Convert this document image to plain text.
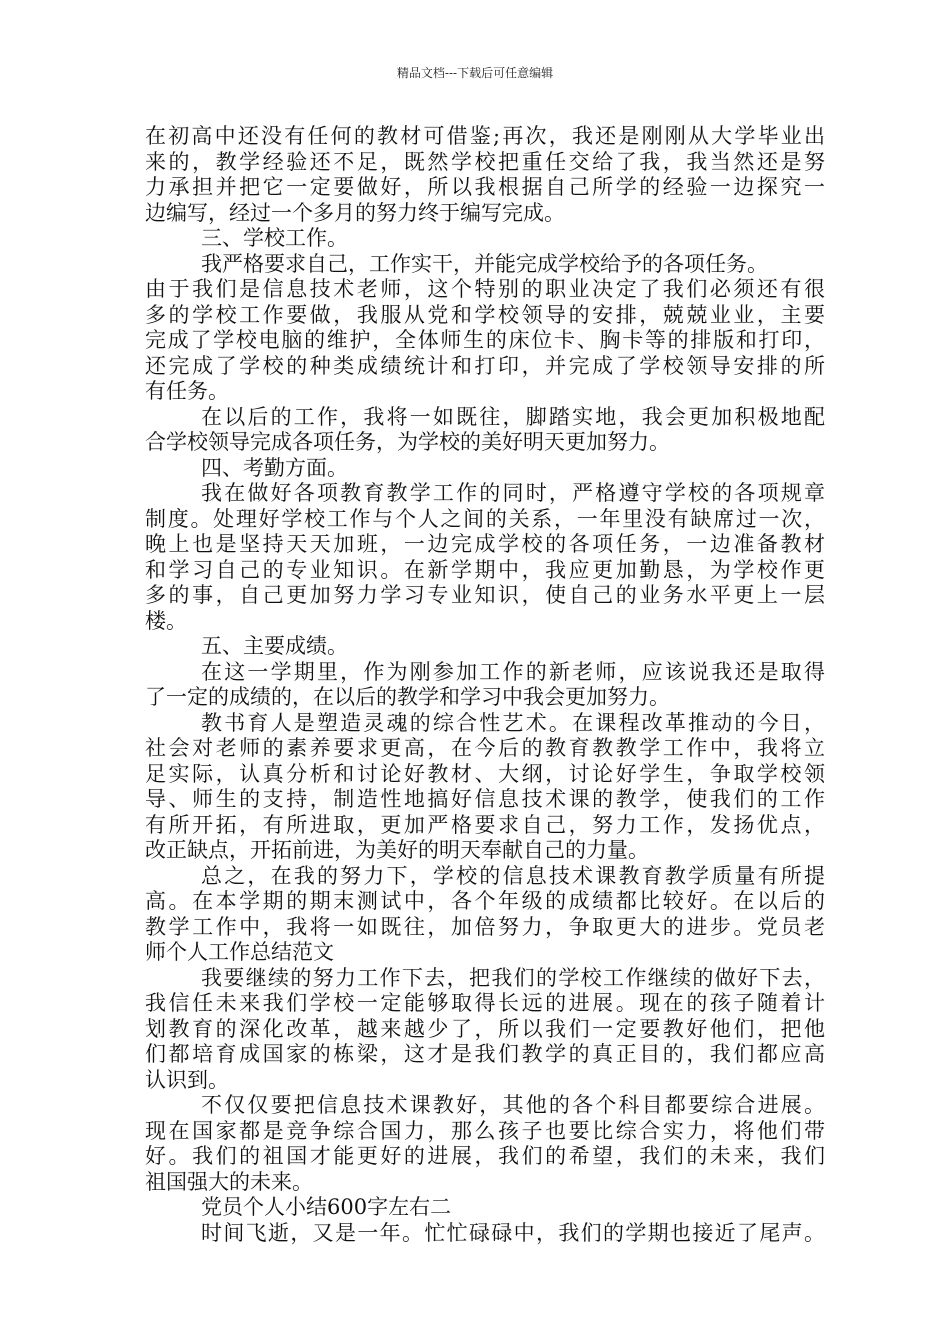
精品文档---下载后可任意编辑
在初高中还没有任何的教材可借鉴;再次，我还是刚刚从大学毕业出
来的，教学经验还不足，既然学校把重任交给了我，我当然还是努
力承担并把它一定要做好，所以我根据自己所学的经验一边探究一
边编写，经过一个多月的努力终于编写完成。
三、学校工作。
我严格要求自己，工作实干，并能完成学校给予的各项任务。
由于我们是信息技术老师，这个特别的职业决定了我们必须还有很
多的学校工作要做，我服从党和学校领导的安排，兢兢业业，主要
完成了学校电脑的维护，全体师生的床位卡、胸卡等的排版和打印，
还完成了学校的种类成绩统计和打印，并完成了学校领导安排的所
有任务。
在以后的工作，我将一如既往，脚踏实地，我会更加积极地配
合学校领导完成各项任务，为学校的美好明天更加努力。
四、考勤方面。
我在做好各项教育教学工作的同时，严格遵守学校的各项规章
制度。处理好学校工作与个人之间的关系，一年里没有缺席过一次，
晚上也是坚持天天加班，一边完成学校的各项任务，一边准备教材
和学习自己的专业知识。在新学期中，我应更加勤恳，为学校作更
多的事，自己更加努力学习专业知识，使自己的业务水平更上一层
楼。
五、主要成绩。
在这一学期里，作为刚参加工作的新老师，应该说我还是取得
了一定的成绩的，在以后的教学和学习中我会更加努力。
教书育人是塑造灵魂的综合性艺术。在课程改革推动的今日，
社会对老师的素养要求更高，在今后的教育教教学工作中，我将立
足实际，认真分析和讨论好教材、大纲，讨论好学生，争取学校领
导、师生的支持，制造性地搞好信息技术课的教学，使我们的工作
有所开拓，有所进取，更加严格要求自己，努力工作，发扬优点，
改正缺点，开拓前进，为美好的明天奉献自己的力量。
总之，在我的努力下，学校的信息技术课教育教学质量有所提
高。在本学期的期末测试中，各个年级的成绩都比较好。在以后的
教学工作中，我将一如既往，加倍努力，争取更大的进步。党员老
师个人工作总结范文
我要继续的努力工作下去，把我们的学校工作继续的做好下去，
我信任未来我们学校一定能够取得长远的进展。现在的孩子随着计
划教育的深化改革，越来越少了，所以我们一定要教好他们，把他
们都培育成国家的栋梁，这才是我们教学的真正目的，我们都应高
认识到。
不仅仅要把信息技术课教好，其他的各个科目都要综合进展。
现在国家都是竞争综合国力，那么孩子也要比综合实力，将他们带
好。我们的祖国才能更好的进展，我们的希望，我们的未来，我们
祖国强大的未来。
党员个人小结600字左右二
时间飞逝，又是一年。忙忙碌碌中，我们的学期也接近了尾声。
